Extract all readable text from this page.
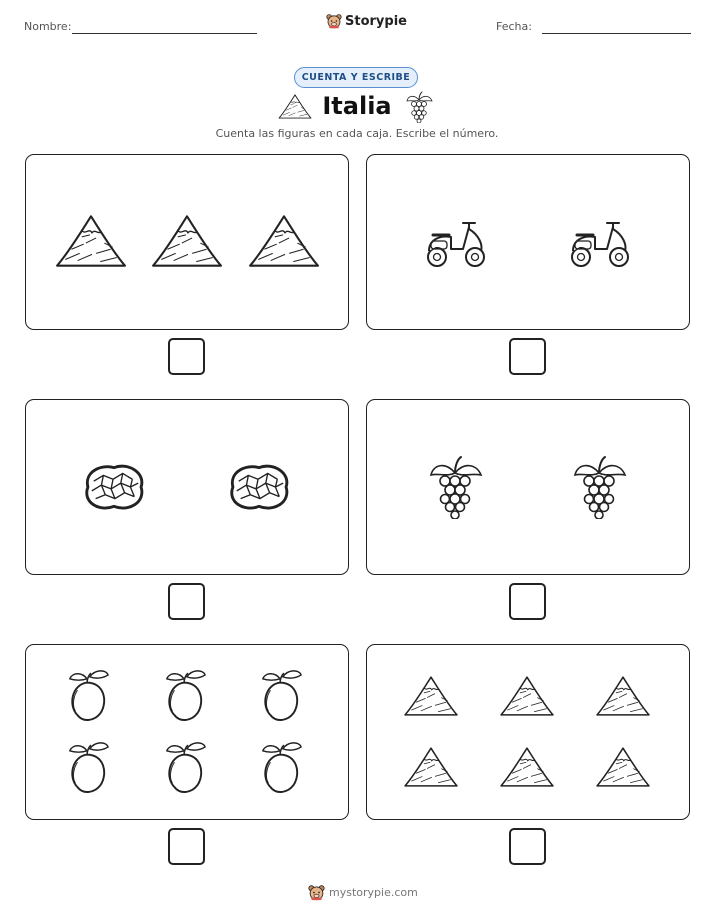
Nombre:	Storypie	Fecha:
CUENTA Y ESCRIBE
Italia
Cuenta las figuras en cada caja. Escribe el número.
mystorypie.com
